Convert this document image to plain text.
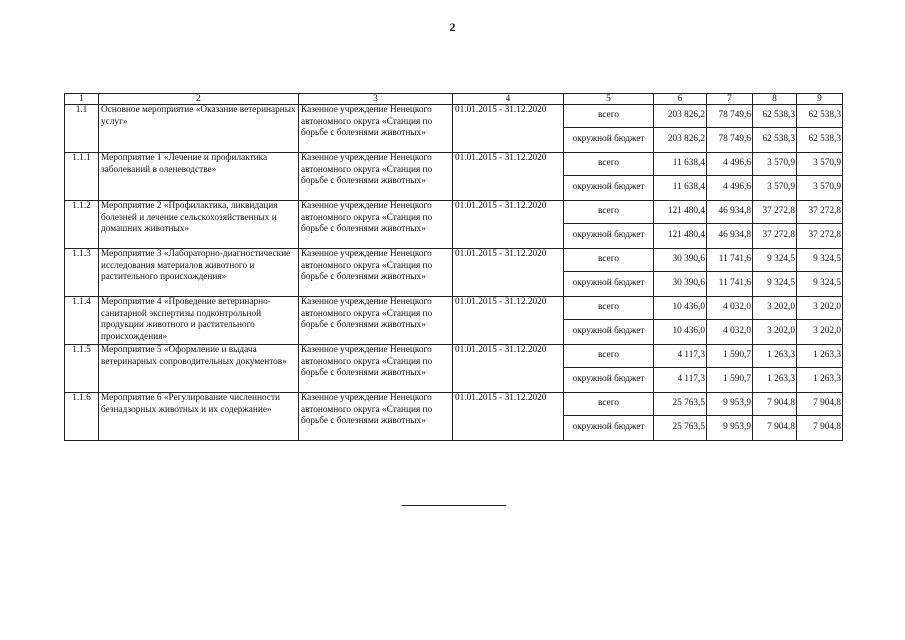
2
1	2	3	4	5	6	7	8	9
1.1	Основное мероприятие «Оказание ветеринарных услуг»	Казенное учреждение Ненецкого автономного округа «Станция по борьбе с болезнями животных»	01.01.2015 - 31.12.2020	всего	203 826,2	78 749,6	62 538,3	62 538,3
				окружной бюджет	203 826,2	78 749,6	62 538,3	62 538,3
1.1.1	Мероприятие 1 «Лечение и профилактика заболеваний в оленеводстве»	Казенное учреждение Ненецкого автономного округа «Станция по борьбе с болезнями животных»	01.01.2015 - 31.12.2020	всего	11 638,4	4 496,6	3 570,9	3 570,9
				окружной бюджет	11 638,4	4 496,6	3 570,9	3 570,9
1.1.2	Мероприятие 2 «Профилактика, ликвидация болезней и лечение сельскохозяйственных и домашних животных»	Казенное учреждение Ненецкого автономного округа «Станция по борьбе с болезнями животных»	01.01.2015 - 31.12.2020	всего	121 480,4	46 934,8	37 272,8	37 272,8
				окружной бюджет	121 480,4	46 934,8	37 272,8	37 272,8
1.1.3	Мероприятие 3 «Лабораторно-диагностические исследования материалов животного и растительного происхождения»	Казенное учреждение Ненецкого автономного округа «Станция по борьбе с болезнями животных»	01.01.2015 - 31.12.2020	всего	30 390,6	11 741,6	9 324,5	9 324,5
				окружной бюджет	30 390,6	11 741,6	9 324,5	9 324,5
1.1.4	Мероприятие 4 «Проведение ветеринарно-санитарной экспертизы подконтрольной продукции животного и растительного происхождения»	Казенное учреждение Ненецкого автономного округа «Станция по борьбе с болезнями животных»	01.01.2015 - 31.12.2020	всего	10 436,0	4 032,0	3 202,0	3 202,0
				окружной бюджет	10 436,0	4 032,0	3 202,0	3 202,0
1.1.5	Мероприятие 5 «Оформление и выдача ветеринарных сопроводительных документов»	Казенное учреждение Ненецкого автономного округа «Станция по борьбе с болезнями животных»	01.01.2015 - 31.12.2020	всего	4 117,3	1 590,7	1 263,3	1 263,3
				окружной бюджет	4 117,3	1 590,7	1 263,3	1 263,3
1.1.6	Мероприятие 6 «Регулирование численности безнадзорных животных и их содержание»	Казенное учреждение Ненецкого автономного округа «Станция по борьбе с болезнями животных»	01.01.2015 - 31.12.2020	всего	25 763,5	9 953,9	7 904,8	7 904,8
				окружной бюджет	25 763,5	9 953,9	7 904,8	7 904,8
